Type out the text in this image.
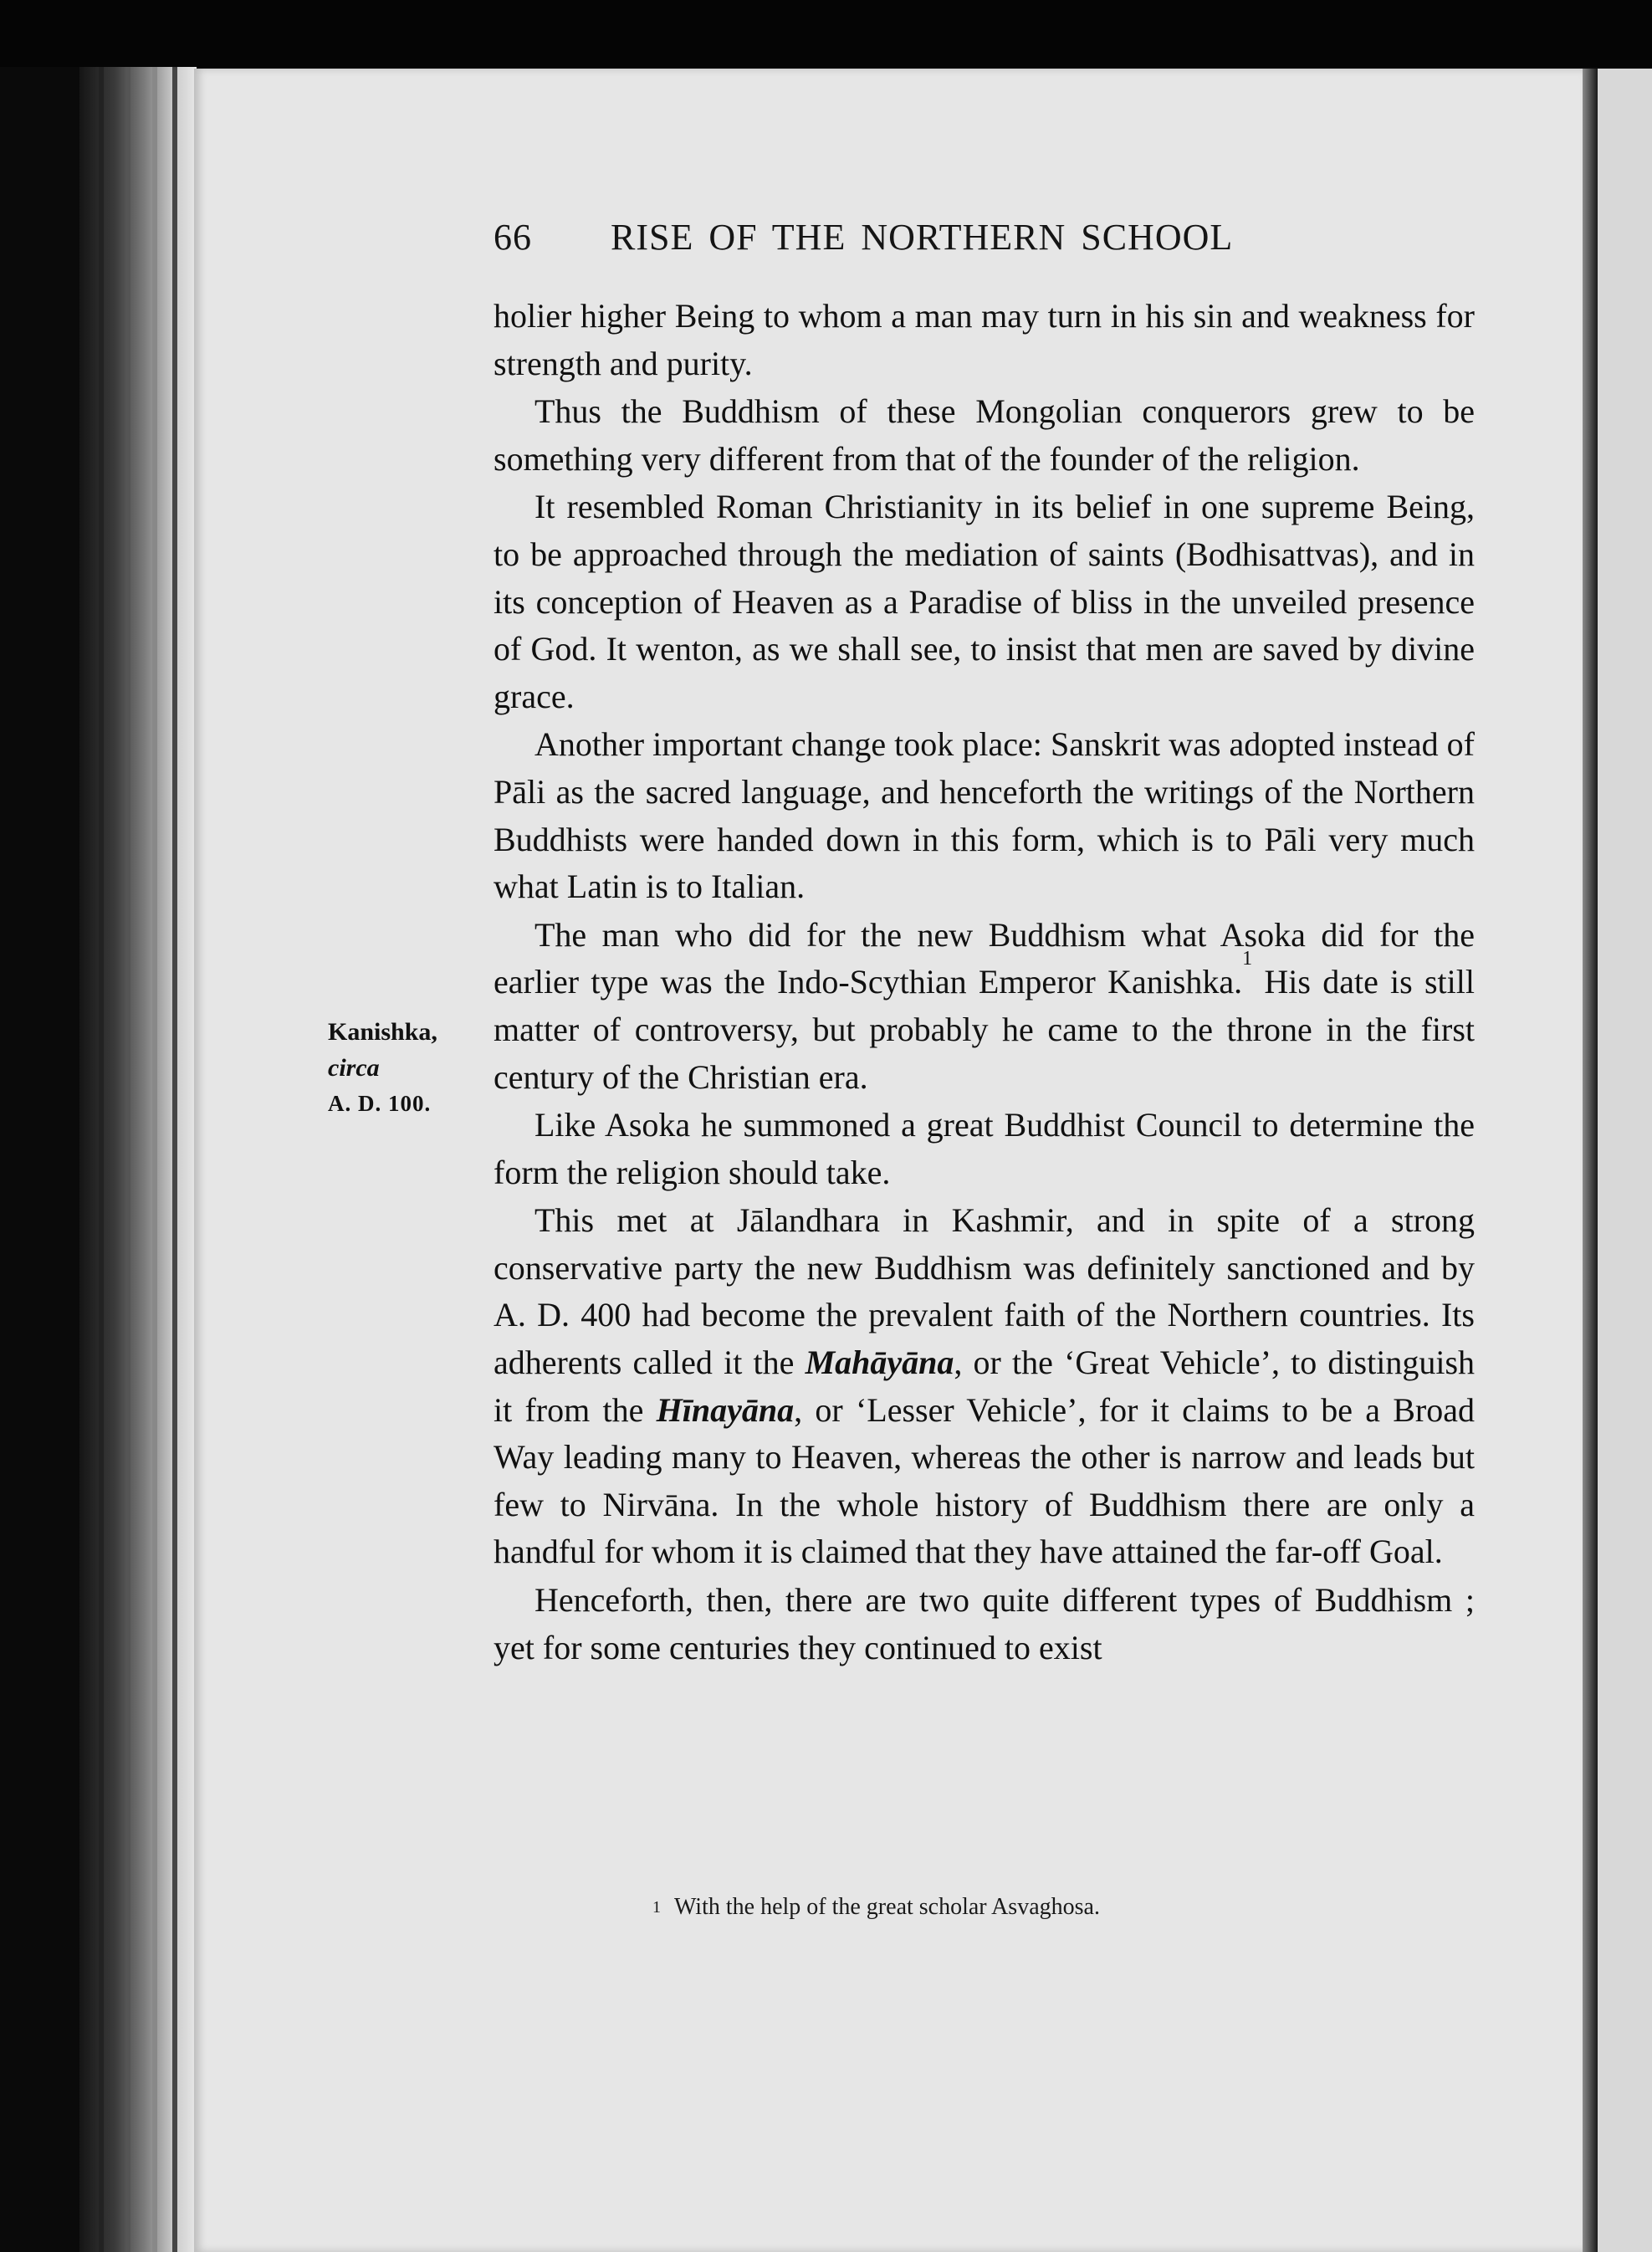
66 RISE OF THE NORTHERN SCHOOL
Kanishka,
circa
A. D. 100.

holier higher Being to whom a man may turn in his sin and weakness for strength and purity.

Thus the Buddhism of these Mongolian conquerors grew to be something very different from that of the founder of the religion.

It resembled Roman Christianity in its belief in one supreme Being, to be approached through the mediation of saints (Bodhisattvas), and in its conception of Heaven as a Paradise of bliss in the unveiled presence of God. It wenton, as we shall see, to insist that men are saved by divine grace.

Another important change took place: Sanskrit was adopted instead of Pāli as the sacred language, and henceforth the writings of the Northern Buddhists were handed down in this form, which is to Pāli very much what Latin is to Italian.

The man who did for the new Buddhism what Asoka did for the earlier type was the Indo-Scythian Emperor Kanishka.$^1$ His date is still matter of controversy, but probably he came to the throne in the first century of the Christian era.

Like Asoka he summoned a great Buddhist Council to determine the form the religion should take.

This met at Jālandhara in Kashmir, and in spite of a strong conservative party the new Buddhism was definitely sanctioned and by A. D. 400 had become the prevalent faith of the Northern countries. Its adherents called it the Mahāyāna, or the ‘Great Vehicle’, to distinguish it from the Hīnayāna, or ‘Lesser Vehicle’, for it claims to be a Broad Way leading many to Heaven, whereas the other is narrow and leads but few to Nirvāna. In the whole history of Buddhism there are only a handful for whom it is claimed that they have attained the far-off Goal.

Henceforth, then, there are two quite different types of Buddhism ; yet for some centuries they continued to exist

$^1$ With the help of the great scholar Asvaghosa.
